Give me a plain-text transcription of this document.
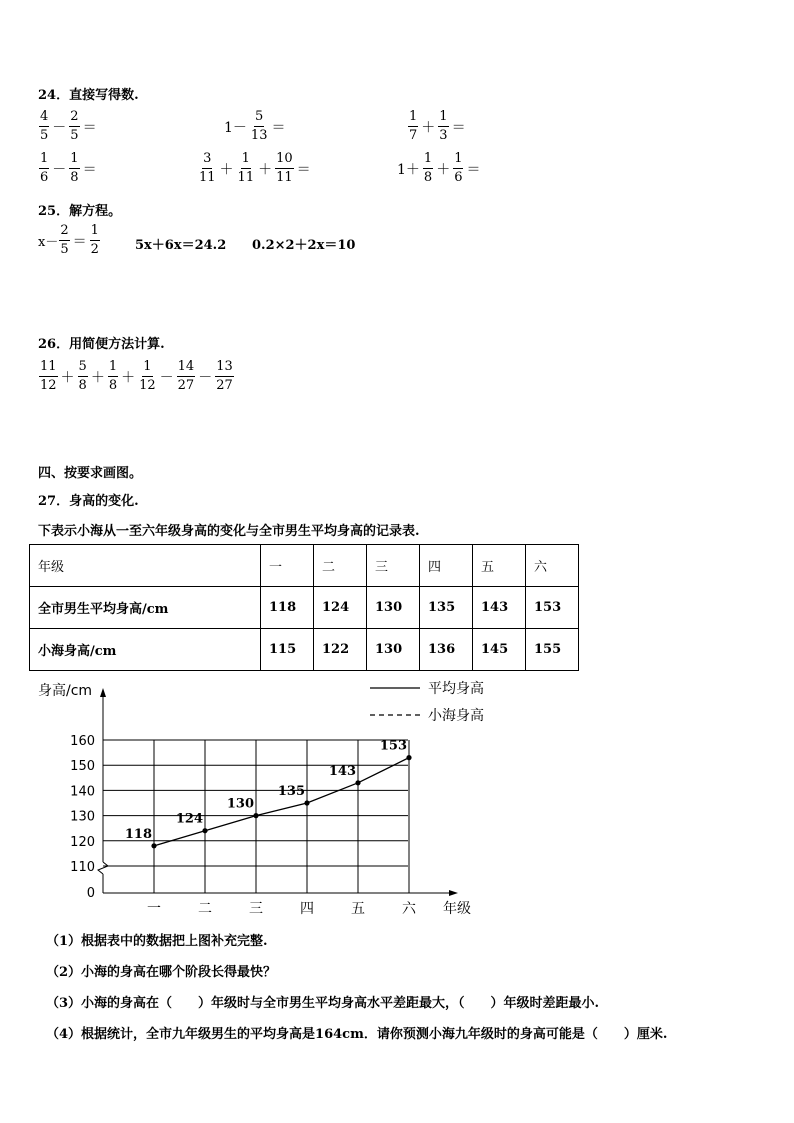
24．直接写得数.
$\frac{4}{5} - \frac{2}{5}$ ＝	$1- \frac{5}{13}$ ＝	$\frac{1}{7} + \frac{1}{3}$ ＝
$\frac{1}{6} - \frac{1}{8}$ ＝	$\frac{3}{11} + \frac{1}{11} + \frac{10}{11}$ ＝	$1+ \frac{1}{8} + \frac{1}{6}$ ＝
25．解方程。
$x- \frac{2}{5} = \frac{1}{2}$	5x＋6x＝24.2 0.2×2＋2x＝10
26．用简便方法计算.
$\frac{11}{12} + \frac{5}{8} + \frac{1}{8} + \frac{1}{12} - \frac{14}{27} - \frac{13}{27}$
四、按要求画图。
27．身高的变化.
下表示小海从一至六年级身高的变化与全市男生平均身高的记录表.
年级	一	二	三	四	五	六
全市男生平均身高/cm	118	124	130	135	143	153
小海身高/cm	115	122	130	136	145	155
0
110
120
130
140
150
160
一	二	三	四	五	六
118
124
130
135
143
153
平均身高
小海身高
身高/cm
年级
（1）根据表中的数据把上图补充完整.
（2）小海的身高在哪个阶段长得最快？
（3）小海的身高在（　　）年级时与全市男生平均身高水平差距最大，（　　）年级时差距最小.
（4）根据统计，全市九年级男生的平均身高是164cm．请你预测小海九年级时的身高可能是（　　）厘米.
